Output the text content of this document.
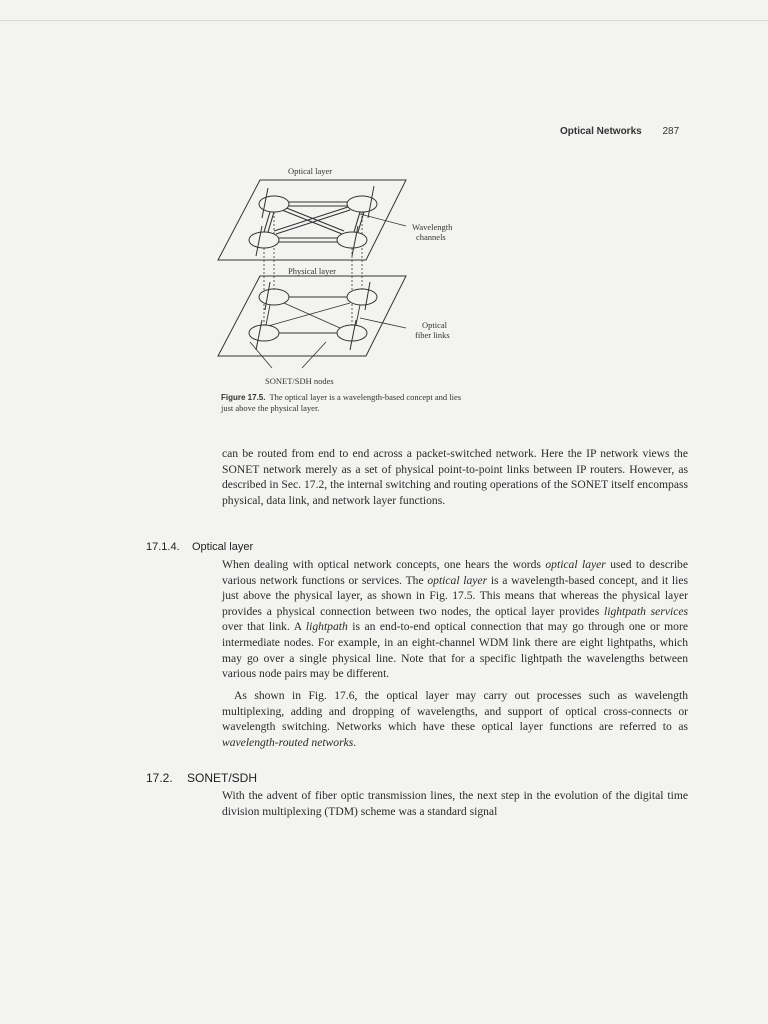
Optical Networks 287
Optical layer
Physical layer
Wavelength
channels
Optical
fiber links
SONET/SDH nodes
Figure 17.5. The optical layer is a wavelength-based concept and lies just above the physical layer.

can be routed from end to end across a packet-switched network. Here the IP network views the SONET network merely as a set of physical point-to-point links between IP routers. However, as described in Sec. 17.2, the internal switching and routing operations of the SONET itself encompass physical, data link, and network layer functions.

17.1.4. Optical layer

When dealing with optical network concepts, one hears the words optical layer used to describe various network functions or services. The optical layer is a wavelength-based concept, and it lies just above the physical layer, as shown in Fig. 17.5. This means that whereas the physical layer provides a physical connection between two nodes, the optical layer provides lightpath services over that link. A lightpath is an end-to-end optical connection that may go through one or more intermediate nodes. For example, in an eight-channel WDM link there are eight lightpaths, which may go over a single physical line. Note that for a specific lightpath the wavelengths between various node pairs may be different.

As shown in Fig. 17.6, the optical layer may carry out processes such as wavelength multiplexing, adding and dropping of wavelengths, and support of optical cross-connects or wavelength switching. Networks which have these optical layer functions are referred to as wavelength-routed networks.

17.2. SONET/SDH

With the advent of fiber optic transmission lines, the next step in the evolution of the digital time division multiplexing (TDM) scheme was a standard signal
